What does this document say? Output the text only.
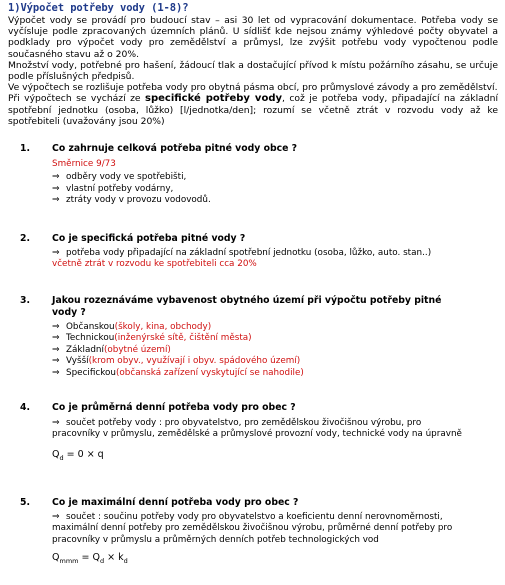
1)Výpočet potřeby vody (1-8)?

Výpočet vody se provádí pro budoucí stav – asi 30 let od vypracování dokumentace. Potřeba vody se vyčísluje podle zpracovaných územních plánů. U sídlišť kde nejsou známy výhledové počty obyvatel a podklady pro výpočet vody pro zemědělství a průmysl, lze zvýšit potřebu vody vypočtenou podle současného stavu až o 20%.

Množství vody, potřebné pro hašení, žádoucí tlak a dostačující přívod k místu požárního zásahu, se určuje podle příslušných předpisů.

Ve výpočtech se rozlišuje potřeba vody pro obytná pásma obcí, pro průmyslové závody a pro zemědělství.

Při výpočtech se vychází ze specifické potřeby vody, což je potřeba vody, připadající na základní spotřební jednotku (osoba, lůžko) [l/jednotka/den]; rozumí se včetně ztrát v rozvodu vody až ke spotřebiteli (uvažovány jsou 20%)

1.	Co zahrnuje celková potřeba pitné vody obce ?
Směrnice 9/73
⇒ odběry vody ve spotřebišti,
⇒ vlastní potřeby vodárny,
⇒ ztráty vody v provozu vodovodů.
2.	Co je specifická potřeba pitné vody ?
⇒ potřeba vody připadající na základní spotřební jednotku (osoba, lůžko, auto. stan..)
včetně ztrát v rozvodu ke spotřebiteli cca 20%
3.	Jakou rozeznáváme vybavenost obytného území při výpočtu potřeby pitné
vody ?
⇒ Občanskou (školy, kina, obchody)
⇒ Technickou (inženýrské sítě, čištění města)
⇒ Základní (obytné území)
⇒ Vyšší (krom obyv., využívají i obyv. spádového území)
⇒ Specifickou (občanská zařízení vyskytující se nahodile)
4.	Co je průměrná denní potřeba vody pro obec ?
⇒ součet potřeby vody : pro obyvatelstvo, pro zemědělskou živočišnou výrobu, pro pracovníky v průmyslu, zemědělské a průmyslové provozní vody, technické vody na úpravně
$Q_d = 0 \times q$
5.	Co je maximální denní potřeba vody pro obec ?
⇒ součet : součinu potřeby vody pro obyvatelstvo a koeficientu denní nerovnoměrnosti, maximální denní potřeby pro zemědělskou živočišnou výrobu, průměrné denní potřeby pro pracovníky v průmyslu a průměrných denních potřeb technologických vod
$Q_{mmm} = Q_d \times k_d$
